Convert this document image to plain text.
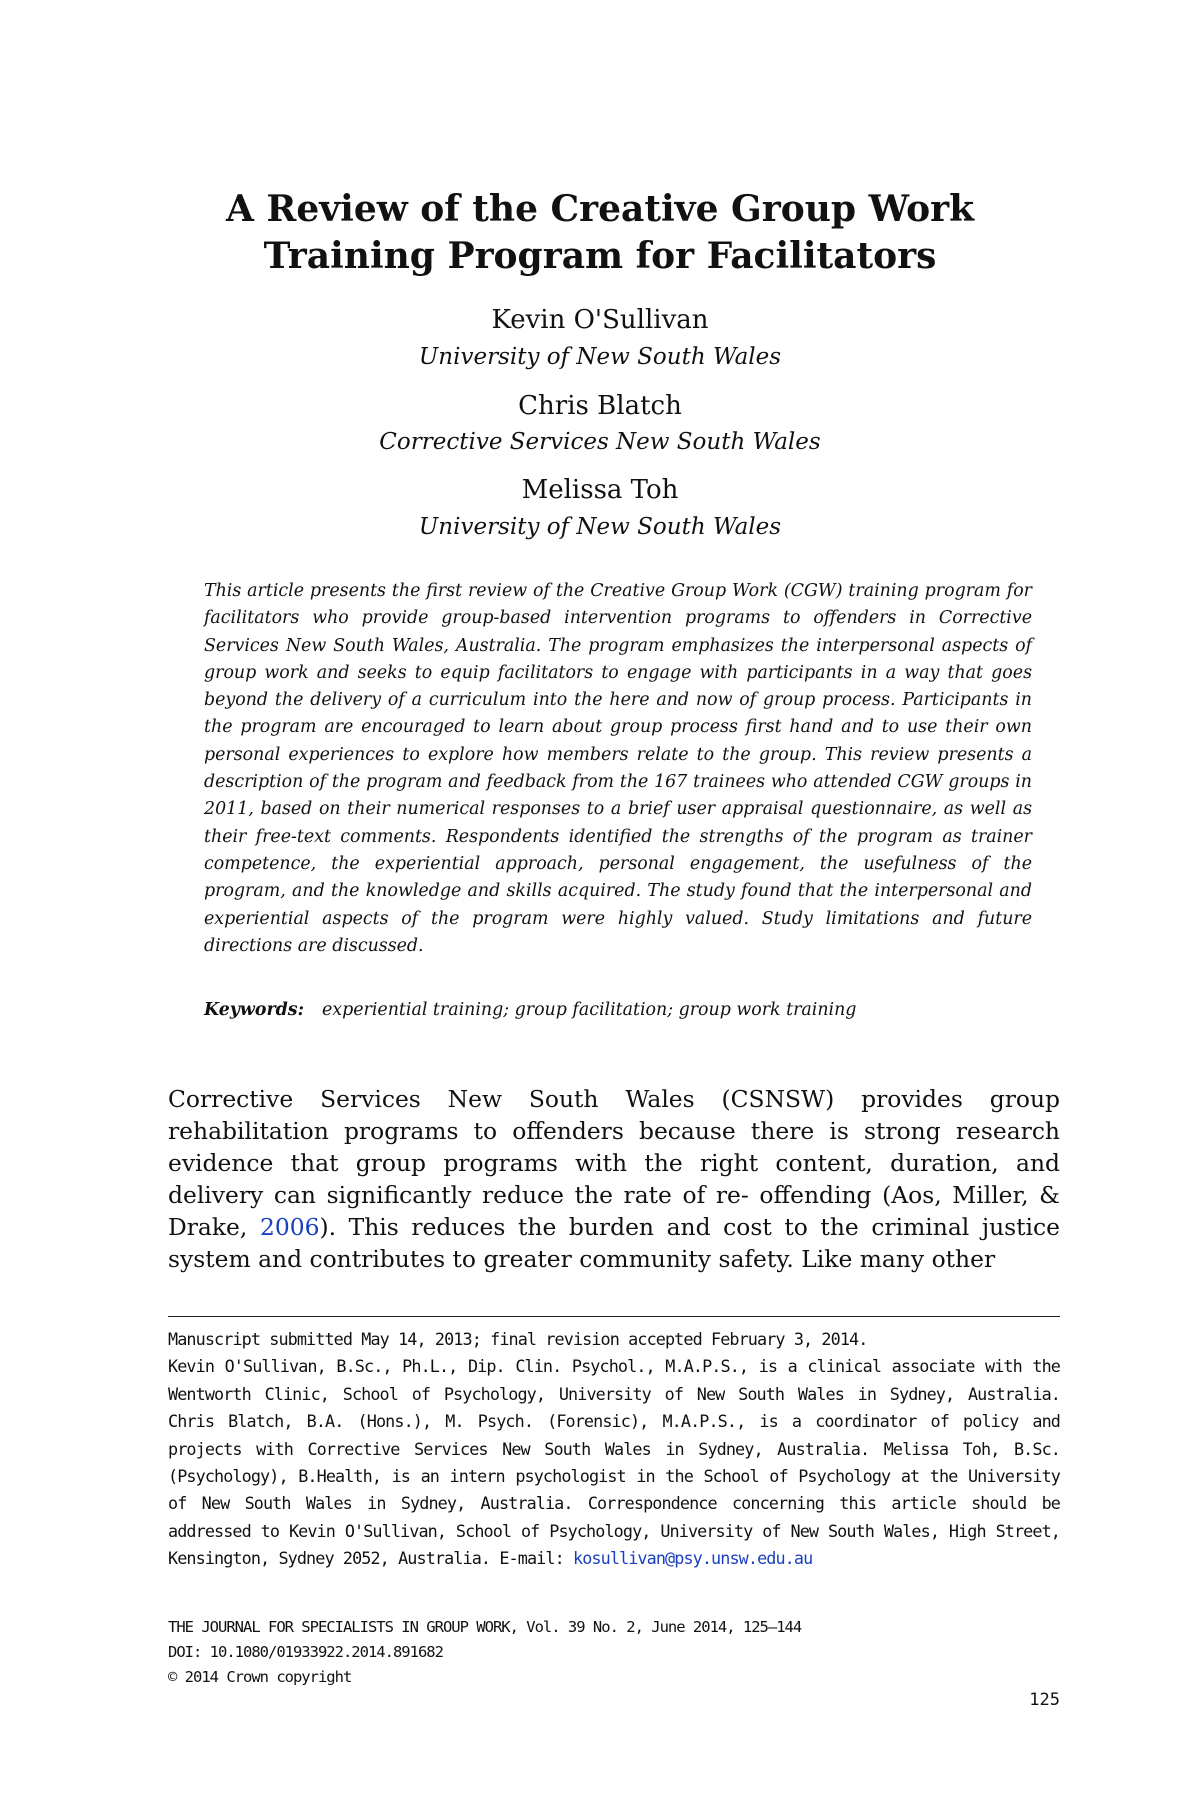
A Review of the Creative Group Work
Training Program for Facilitators
Kevin O'Sullivan
University of New South Wales
Chris Blatch
Corrective Services New South Wales
Melissa Toh
University of New South Wales

This article presents the first review of the Creative Group Work (CGW) training program for facilitators who provide group-based intervention programs to offenders in Corrective Services New South Wales, Australia. The program emphasizes the interpersonal aspects of group work and seeks to equip facilitators to engage with participants in a way that goes beyond the delivery of a curriculum into the here and now of group process. Participants in the program are encouraged to learn about group process first hand and to use their own personal experiences to explore how members relate to the group. This review presents a description of the program and feedback from the 167 trainees who attended CGW groups in 2011, based on their numerical responses to a brief user appraisal questionnaire, as well as their free-text comments. Respondents identified the strengths of the program as trainer competence, the experiential approach, personal engagement, the usefulness of the program, and the knowledge and skills acquired. The study found that the interpersonal and experiential aspects of the program were highly valued. Study limitations and future directions are discussed.

Keywords: experiential training; group facilitation; group work training

Corrective Services New South Wales (CSNSW) provides group rehabilitation programs to offenders because there is strong research evidence that group programs with the right content, duration, and delivery can significantly reduce the rate of re- offending (Aos, Miller, & Drake, 2006). This reduces the burden and cost to the criminal justice system and contributes to greater community safety. Like many other

Manuscript submitted May 14, 2013; final revision accepted February 3, 2014.
Kevin O'Sullivan, B.Sc., Ph.L., Dip. Clin. Psychol., M.A.P.S., is a clinical associate with the Wentworth Clinic, School of Psychology, University of New South Wales in Sydney, Australia. Chris Blatch, B.A. (Hons.), M. Psych. (Forensic), M.A.P.S., is a coordinator of policy and projects with Corrective Services New South Wales in Sydney, Australia. Melissa Toh, B.Sc. (Psychology), B.Health, is an intern psychologist in the School of Psychology at the University of New South Wales in Sydney, Australia. Correspondence concerning this article should be addressed to Kevin O'Sullivan, School of Psychology, University of New South Wales, High Street, Kensington, Sydney 2052, Australia. E-mail: kosullivan@psy.unsw.edu.au

THE JOURNAL FOR SPECIALISTS IN GROUP WORK, Vol. 39 No. 2, June 2014, 125–144
DOI: 10.1080/01933922.2014.891682
© 2014 Crown copyright
125
